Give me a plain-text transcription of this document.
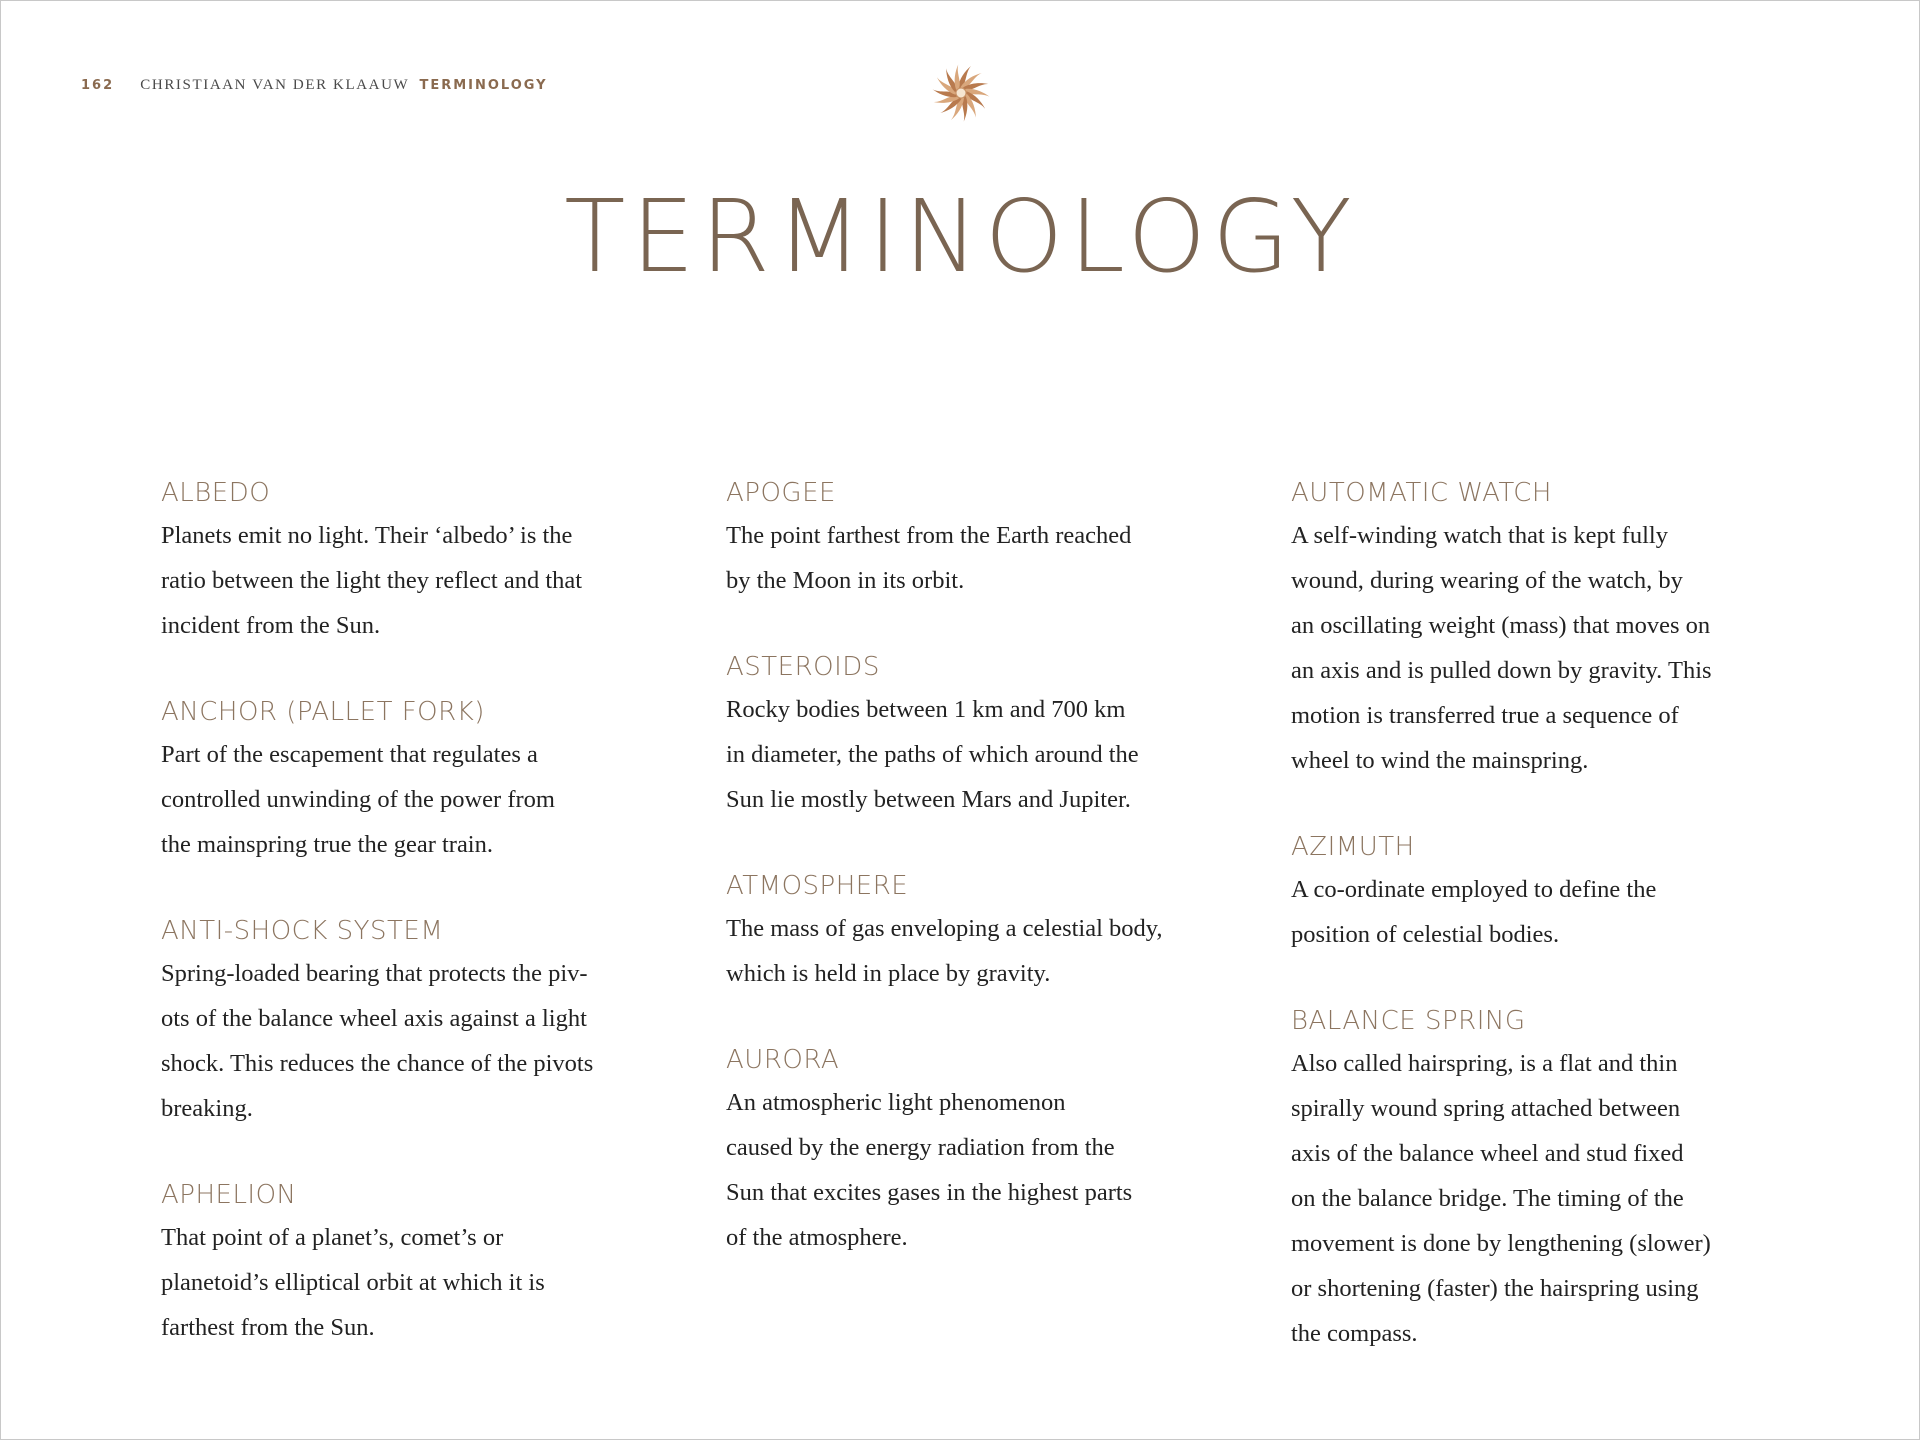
162 CHRISTIAAN VAN DER KLAAUW TERMINOLOGY
TERMINOLOGY

ALBEDO

Planets emit no light. Their ‘albedo’ is the
ratio between the light they reflect and that
incident from the Sun.

ANCHOR (PALLET FORK)

Part of the escapement that regulates a
controlled unwinding of the power from
the mainspring true the gear train.

ANTI-SHOCK SYSTEM

Spring-loaded bearing that protects the piv-
ots of the balance wheel axis against a light
shock. This reduces the chance of the pivots
breaking.

APHELION

That point of a planet’s, comet’s or
planetoid’s elliptical orbit at which it is
farthest from the Sun.

APOGEE

The point farthest from the Earth reached
by the Moon in its orbit.

ASTEROIDS

Rocky bodies between 1 km and 700 km
in diameter, the paths of which around the
Sun lie mostly between Mars and Jupiter.

ATMOSPHERE

The mass of gas enveloping a celestial body,
which is held in place by gravity.

AURORA

An atmospheric light phenomenon
caused by the energy radiation from the
Sun that excites gases in the highest parts
of the atmosphere.

AUTOMATIC WATCH

A self-winding watch that is kept fully
wound, during wearing of the watch, by
an oscillating weight (mass) that moves on
an axis and is pulled down by gravity. This
motion is transferred true a sequence of
wheel to wind the mainspring.

AZIMUTH

A co-ordinate employed to define the
position of celestial bodies.

BALANCE SPRING

Also called hairspring, is a flat and thin
spirally wound spring attached between
axis of the balance wheel and stud fixed
on the balance bridge. The timing of the
movement is done by lengthening (slower)
or shortening (faster) the hairspring using
the compass.
